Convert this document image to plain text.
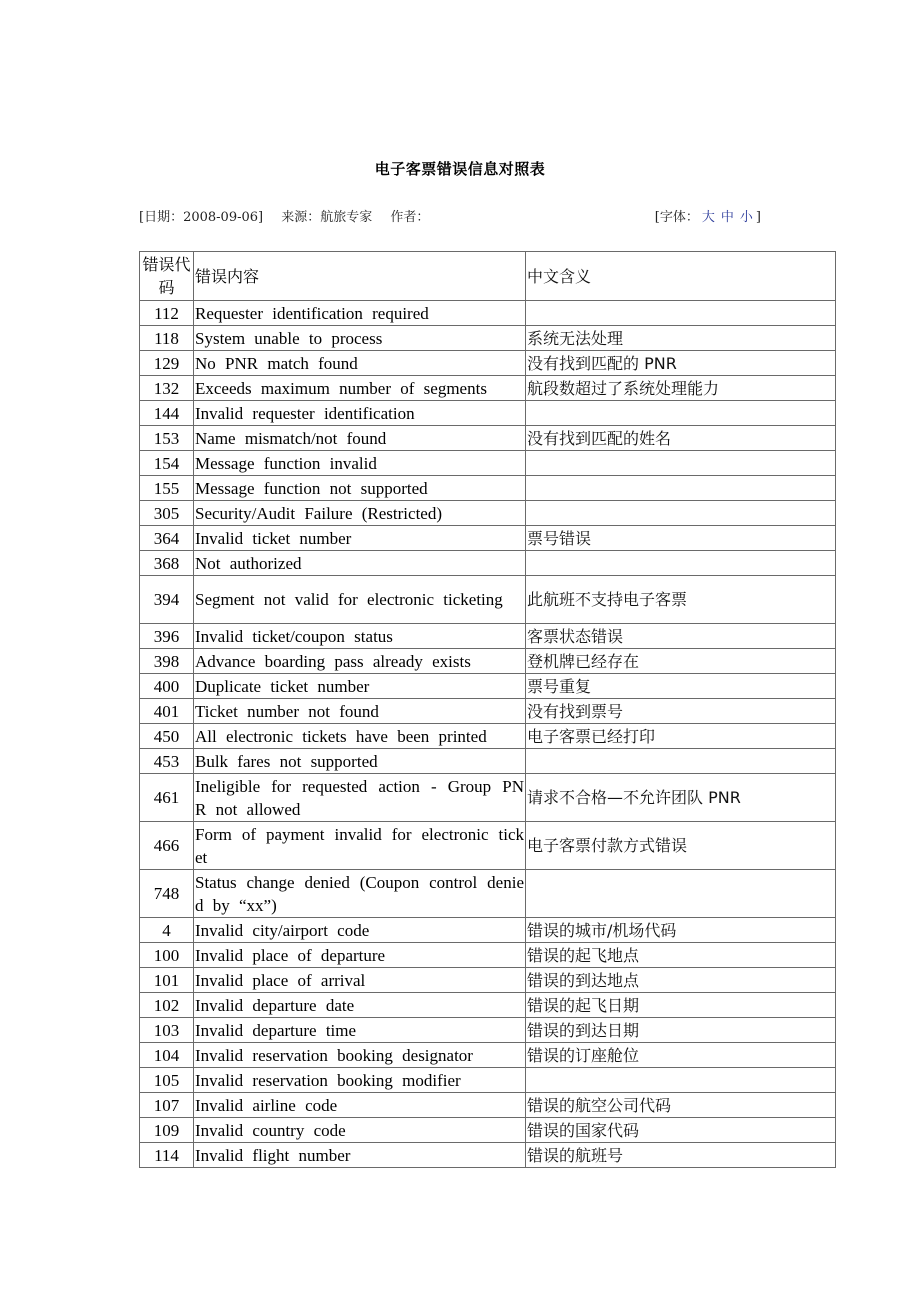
电子客票错误信息对照表
[日期：2008-09-06] 来源：航旅专家 作者：	[字体： 大 中 小 ]
错误代码	错误内容	中文含义
112	Requester identification required	
118	System unable to process	系统无法处理
129	No PNR match found	没有找到匹配的 PNR
132	Exceeds maximum number of segments	航段数超过了系统处理能力
144	Invalid requester identification	
153	Name mismatch/not found	没有找到匹配的姓名
154	Message function invalid	
155	Message function not supported	
305	Security/Audit Failure (Restricted)	
364	Invalid ticket number	票号错误
368	Not authorized	
394	Segment not valid for electronic ticketing	此航班不支持电子客票
396	Invalid ticket/coupon status	客票状态错误
398	Advance boarding pass already exists	登机牌已经存在
400	Duplicate ticket number	票号重复
401	Ticket number not found	没有找到票号
450	All electronic tickets have been printed	电子客票已经打印
453	Bulk fares not supported	
461	Ineligible for requested action - Group PNR not allowed	请求不合格—不允许团队 PNR
466	Form of payment invalid for electronic ticket	电子客票付款方式错误
748	Status change denied (Coupon control denied by “xx”)	
4	Invalid city/airport code	错误的城市/机场代码
100	Invalid place of departure	错误的起飞地点
101	Invalid place of arrival	错误的到达地点
102	Invalid departure date	错误的起飞日期
103	Invalid departure time	错误的到达日期
104	Invalid reservation booking designator	错误的订座舱位
105	Invalid reservation booking modifier	
107	Invalid airline code	错误的航空公司代码
109	Invalid country code	错误的国家代码
114	Invalid flight number	错误的航班号
